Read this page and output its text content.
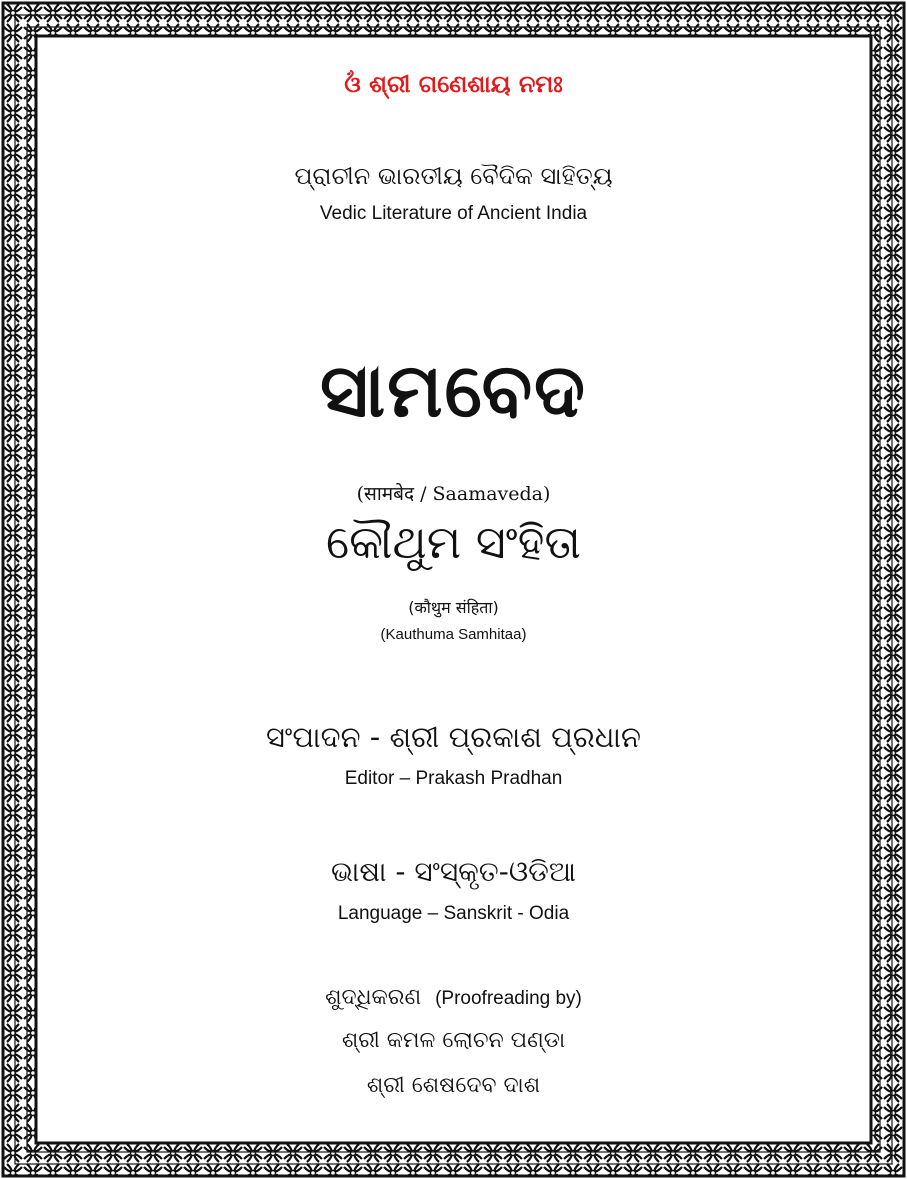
ଓଁ ଶ୍ରୀ ଗଣେଶାୟ ନମଃ
ପ୍ରାଚୀନ ଭାରତୀୟ ବୈଦିକ ସାହିତ୍ୟ
Vedic Literature of Ancient India
ସାମବେଦ
(सामबेद / Saamaveda)
କୌଥୁମ ସଂହିତା
(कौथुम संहिता)
(Kauthuma Samhitaa)
ସଂପାଦନ - ଶ୍ରୀ ପ୍ରକାଶ ପ୍ରଧାନ
Editor – Prakash Pradhan
ଭାଷା - ସଂସ୍କୃତ-ଓଡିଆ
Language – Sanskrit - Odia
ଶୁଦ୍ଧିକରଣ (Proofreading by)
ଶ୍ରୀ କମଳ ଲୋଚନ ପଣ୍ଡା
ଶ୍ରୀ ଶେଷଦେବ ଦାଶ
